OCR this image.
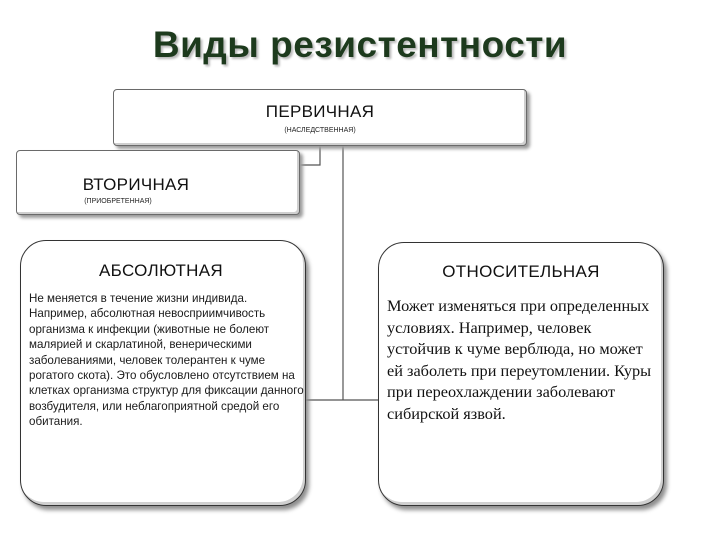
Виды резистентности
ПЕРВИЧНАЯ
(НАСЛЕДСТВЕННАЯ)
ВТОРИЧНАЯ
(ПРИОБРЕТЕННАЯ)
АБСОЛЮТНАЯ
Не меняется в течение жизни индивида. Например, абсолютная невосприимчивость организма к инфекции (животные не болеют малярией и скарлатиной, венерическими заболеваниями, человек толерантен к чуме рогатого скота). Это обусловлено отсутствием на клетках организма структур для фиксации данного возбудителя, или неблагоприятной средой его обитания.
ОТНОСИТЕЛЬНАЯ
Может изменяться при определенных условиях. Например, человек устойчив к чуме верблюда, но может ей заболеть при переутомлении. Куры при переохлаждении заболевают сибирской язвой.
